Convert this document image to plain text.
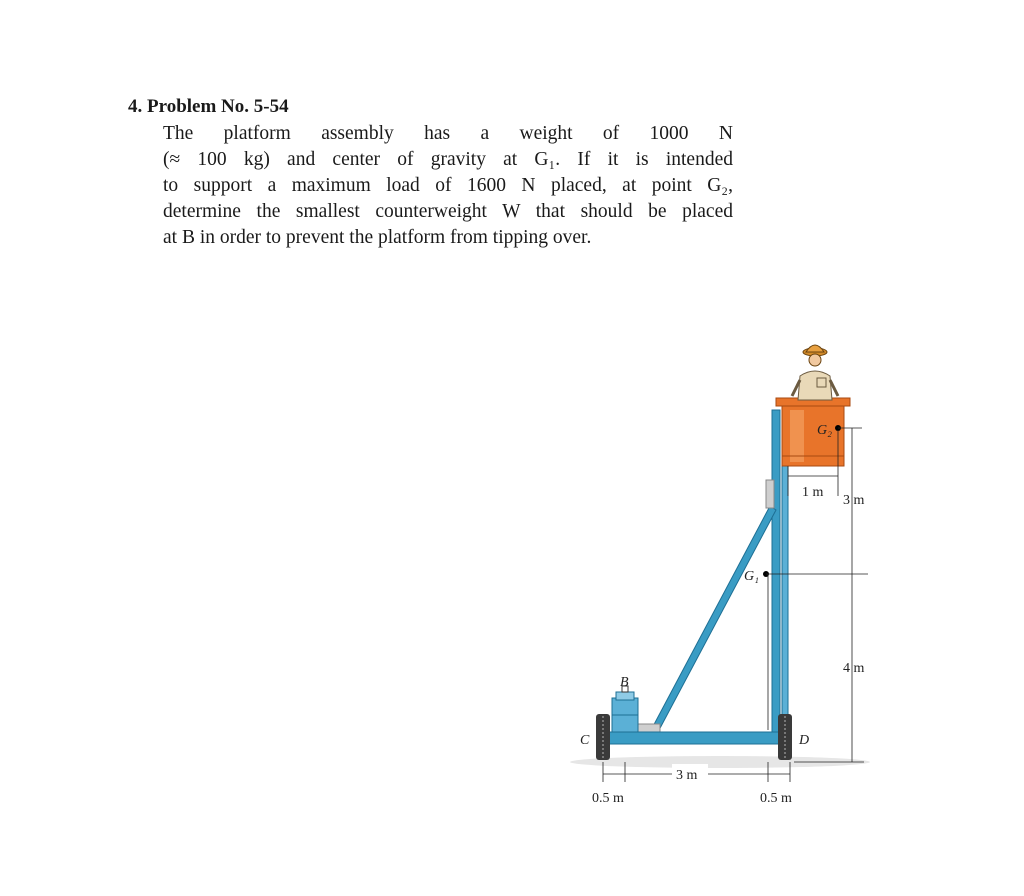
4. Problem No. 5-54
The platform assembly has a weight of 1000 N
(≈ 100 kg) and center of gravity at G₁. If it is intended
to support a maximum load of 1600 N placed, at point G₂,
determine the smallest counterweight W that should be placed
at B in order to prevent the platform from tipping over.
G₂
1 m
3 m
G₁
4 m
B
C	D
3 m
0.5 m	0.5 m
